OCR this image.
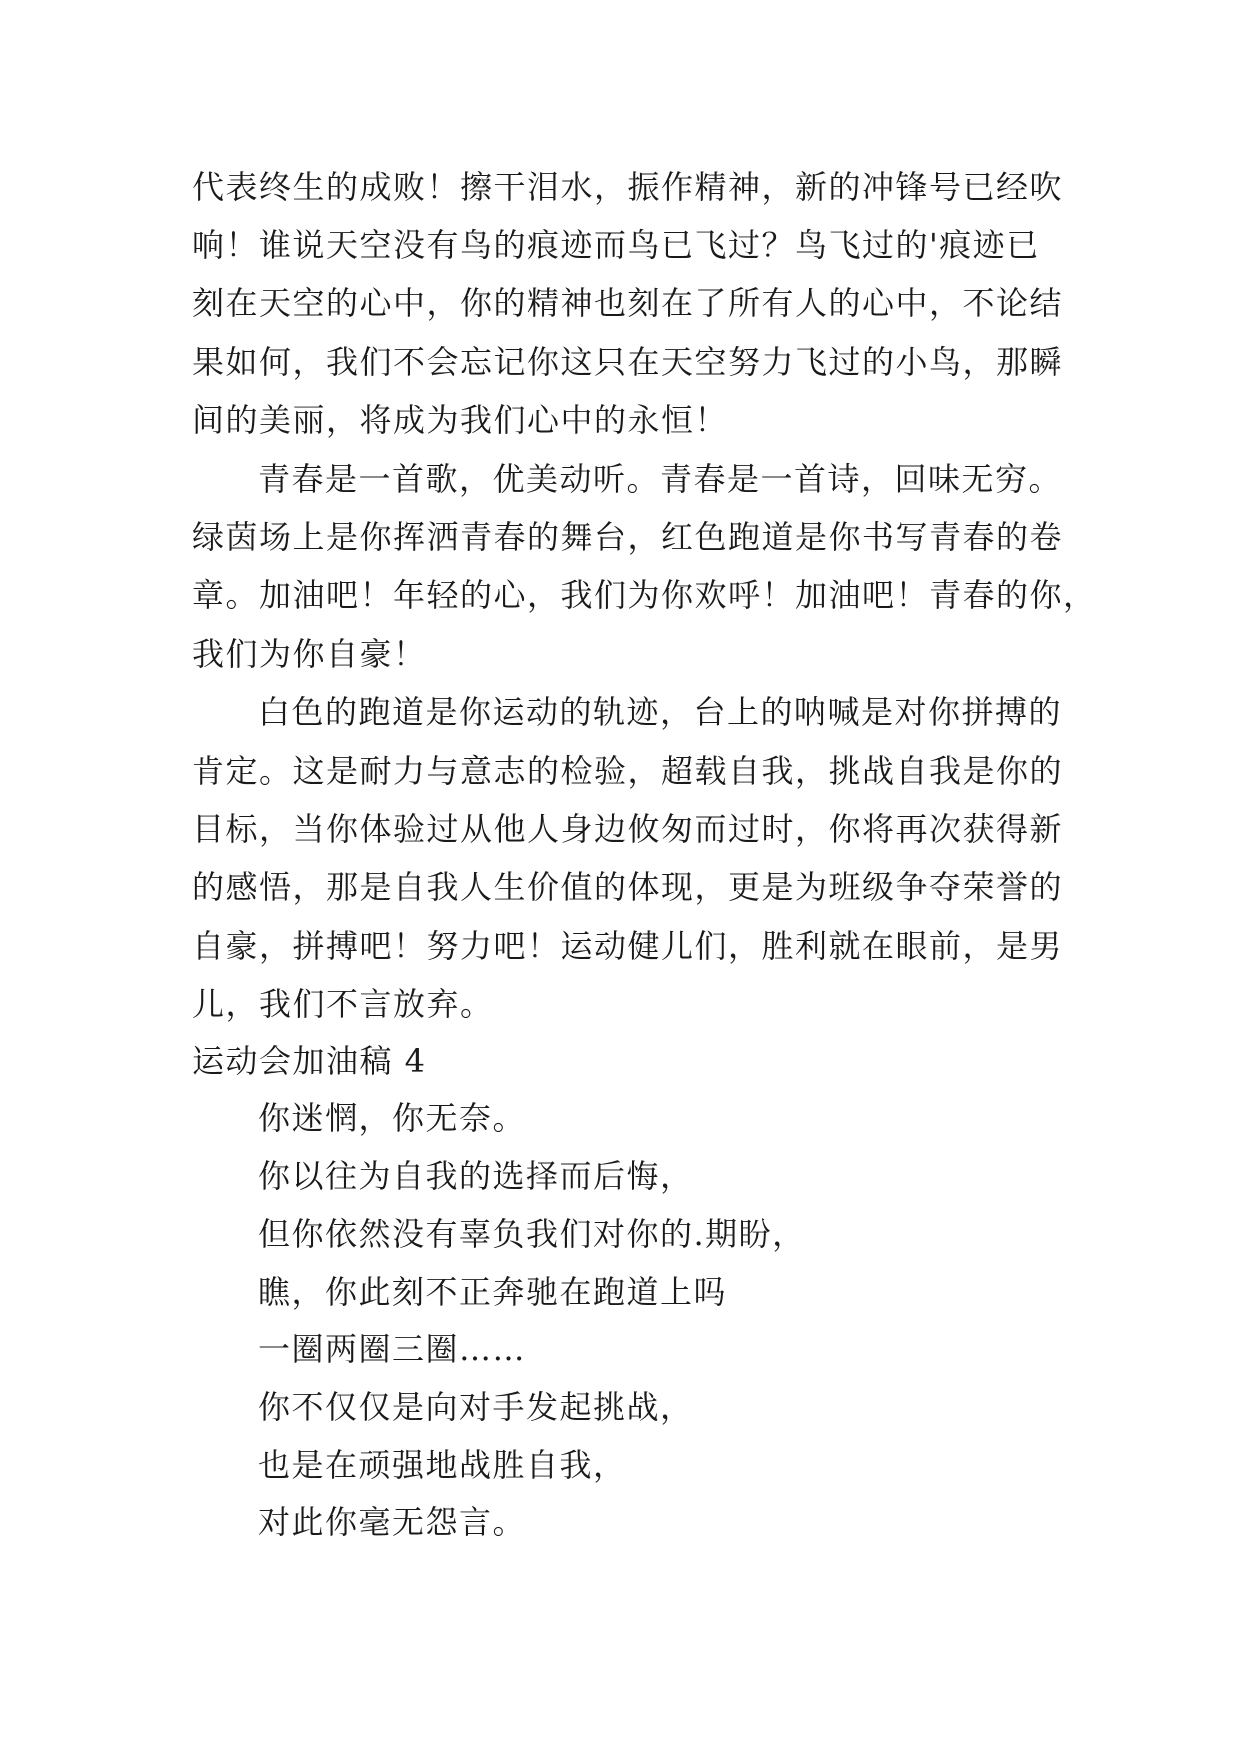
代表终生的成败！擦干泪水，振作精神，新的冲锋号已经吹
响！谁说天空没有鸟的痕迹而鸟已飞过？鸟飞过的'痕迹已
刻在天空的心中，你的精神也刻在了所有人的心中，不论结
果如何，我们不会忘记你这只在天空努力飞过的小鸟，那瞬
间的美丽，将成为我们心中的永恒！
青春是一首歌，优美动听。青春是一首诗，回味无穷。
绿茵场上是你挥洒青春的舞台，红色跑道是你书写青春的卷
章。加油吧！年轻的心，我们为你欢呼！加油吧！青春的你，
我们为你自豪！
白色的跑道是你运动的轨迹，台上的呐喊是对你拼搏的
肯定。这是耐力与意志的检验，超载自我，挑战自我是你的
目标，当你体验过从他人身边攸匆而过时，你将再次获得新
的感悟，那是自我人生价值的体现，更是为班级争夺荣誉的
自豪，拼搏吧！努力吧！运动健儿们，胜利就在眼前，是男
儿，我们不言放弃。
运动会加油稿 4
你迷惘，你无奈。
你以往为自我的选择而后悔，
但你依然没有辜负我们对你的.期盼，
瞧，你此刻不正奔驰在跑道上吗
一圈两圈三圈……
你不仅仅是向对手发起挑战，
也是在顽强地战胜自我，
对此你毫无怨言。
